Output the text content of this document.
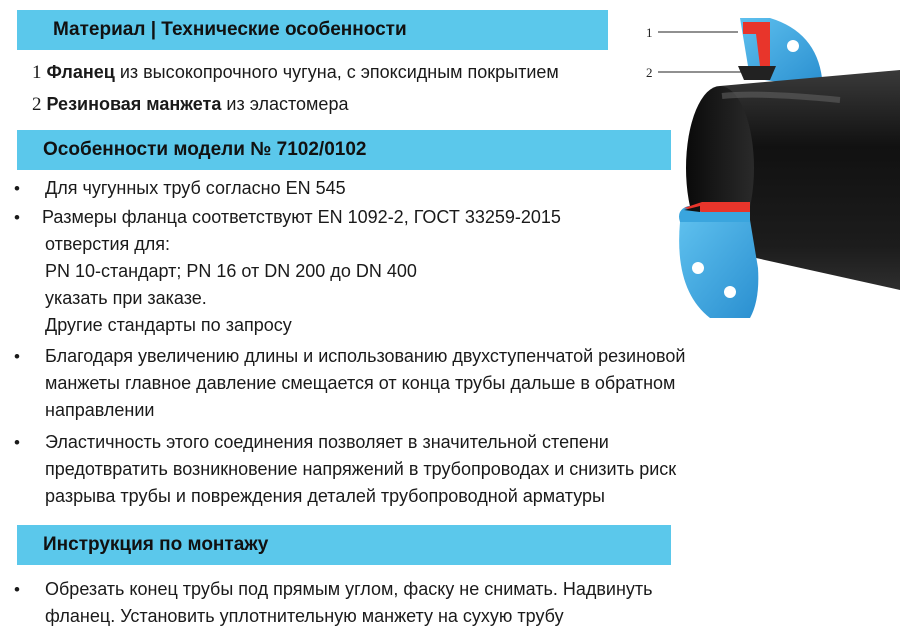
Материал | Технические особенности
1 Фланец из высокопрочного чугуна, с эпоксидным покрытием
2 Резиновая манжета из эластомера
Особенности модели № 7102/0102
• Для чугунных труб согласно EN 545
• Размеры фланца соответствуют EN 1092-2, ГОСТ 33259-2015
отверстия для:
PN 10-стандарт; PN 16 от DN 200 до DN 400
указать при заказе.
Другие стандарты по запросу
• Благодаря увеличению длины и использованию двухступенчатой резиновой
манжеты главное давление смещается от конца трубы дальше в обратном
направлении
• Эластичность этого соединения позволяет в значительной степени
предотвратить возникновение напряжений в трубопроводах и снизить риск
разрыва трубы и повреждения деталей трубопроводной арматуры
Инструкция по монтажу
• Обрезать конец трубы под прямым углом, фаску не снимать. Надвинуть
фланец. Установить уплотнительную манжету на сухую трубу
1
2
